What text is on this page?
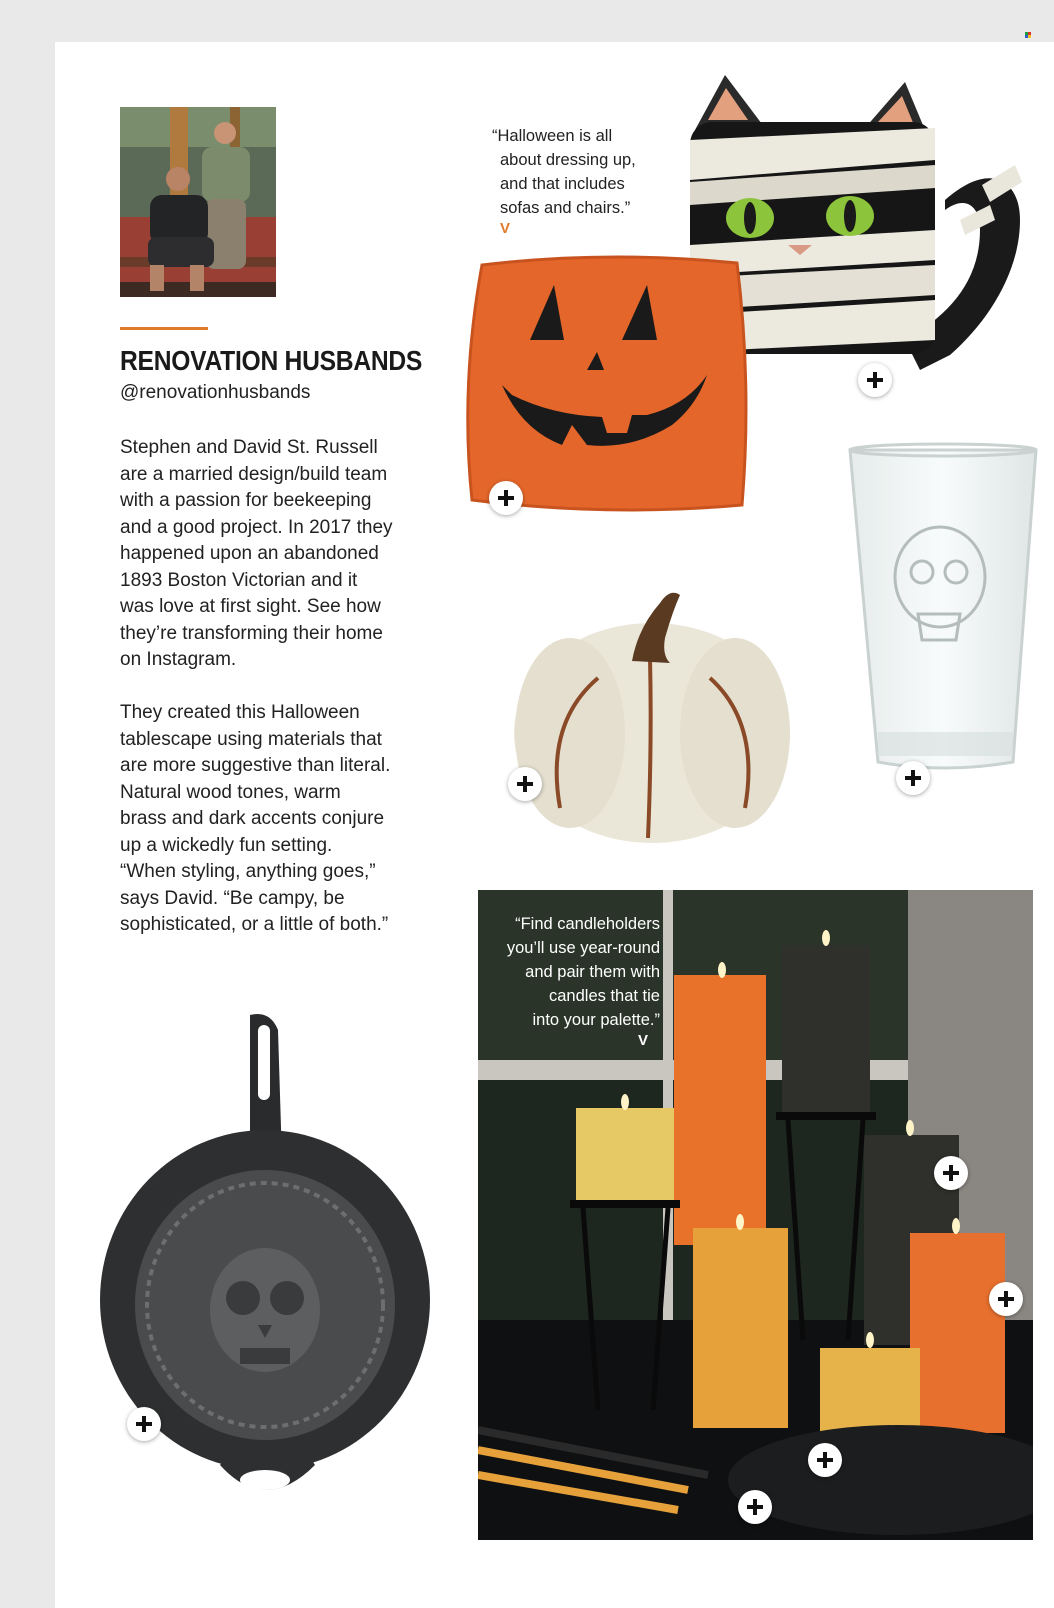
RENOVATION HUSBANDS
@renovationhusbands
Stephen and David St. Russell
are a married design/build team
with a passion for beekeeping
and a good project. In 2017 they
happened upon an abandoned
1893 Boston Victorian and it
was love at first sight. See how
they’re transforming their home
on Instagram.
They created this Halloween
tablescape using materials that
are more suggestive than literal.
Natural wood tones, warm
brass and dark accents conjure
up a wickedly fun setting.
“When styling, anything goes,”
says David. “Be campy, be
sophisticated, or a little of both.”
“Halloween is all
about dressing up,
and that includes
sofas and chairs.”
V
“Find candleholders
you’ll use year-round
and pair them with
candles that tie
into your palette.”
V
